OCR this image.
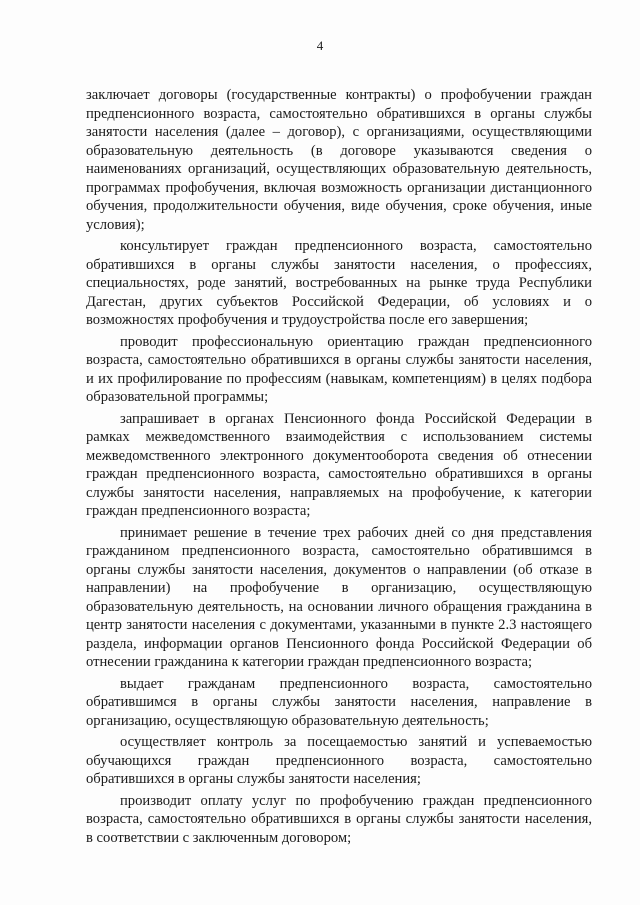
4

заключает договоры (государственные контракты) о профобучении граждан предпенсионного возраста, самостоятельно обратившихся в органы службы занятости населения (далее – договор), с организациями, осуществляющими образовательную деятельность (в договоре указываются сведения о наименованиях организаций, осуществляющих образовательную деятельность, программах профобучения, включая возможность организации дистанционного обучения, продолжительности обучения, виде обучения, сроке обучения, иные условия);

консультирует граждан предпенсионного возраста, самостоятельно обратившихся в органы службы занятости населения, о профессиях, специальностях, роде занятий, востребованных на рынке труда Республики Дагестан, других субъектов Российской Федерации, об условиях и о возможностях профобучения и трудоустройства после его завершения;

проводит профессиональную ориентацию граждан предпенсионного возраста, самостоятельно обратившихся в органы службы занятости населения, и их профилирование по профессиям (навыкам, компетенциям) в целях подбора образовательной программы;

запрашивает в органах Пенсионного фонда Российской Федерации в рамках межведомственного взаимодействия с использованием системы межведомственного электронного документооборота сведения об отнесении граждан предпенсионного возраста, самостоятельно обратившихся в органы службы занятости населения, направляемых на профобучение, к категории граждан предпенсионного возраста;

принимает решение в течение трех рабочих дней со дня представления гражданином предпенсионного возраста, самостоятельно обратившимся в органы службы занятости населения, документов о направлении (об отказе в направлении) на профобучение в организацию, осуществляющую образовательную деятельность, на основании личного обращения гражданина в центр занятости населения с документами, указанными в пункте 2.3 настоящего раздела, информации органов Пенсионного фонда Российской Федерации об отнесении гражданина к категории граждан предпенсионного возраста;

выдает гражданам предпенсионного возраста, самостоятельно обратившимся в органы службы занятости населения, направление в организацию, осуществляющую образовательную деятельность;

осуществляет контроль за посещаемостью занятий и успеваемостью обучающихся граждан предпенсионного возраста, самостоятельно обратившихся в органы службы занятости населения;

производит оплату услуг по профобучению граждан предпенсионного возраста, самостоятельно обратившихся в органы службы занятости населения, в соответствии с заключенным договором;
